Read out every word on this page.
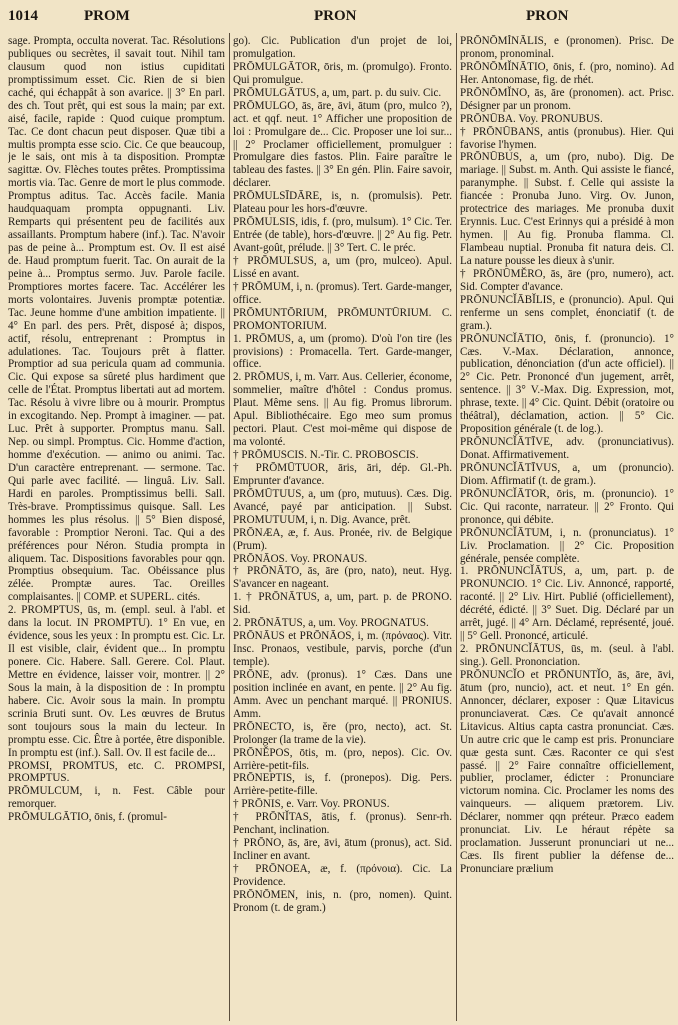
1014	PROM	PRON	PRON

sage. Prompta, occulta noverat. Tac. Résolutions publiques ou secrètes, il savait tout. Nihil tam clausum quod non istius cupiditati promptissimum esset. Cic. Rien de si bien caché, qui échappât à son avarice. || 3° En parl. des ch. Tout prêt, qui est sous la main; par ext. aisé, facile, rapide : Quod cuique promptum. Tac. Ce dont chacun peut disposer. Quæ tibi a multis prompta esse scio. Cic. Ce que beaucoup, je le sais, ont mis à ta disposition. Promptæ sagittæ. Ov. Flèches toutes prêtes. Promptissima mortis via. Tac. Genre de mort le plus commode. Promptus aditus. Tac. Accès facile. Mania haudquaquam prompta oppugnanti. Liv. Remparts qui présentent peu de facilités aux assaillants. Promptum habere (inf.). Tac. N'avoir pas de peine à... Promptum est. Ov. Il est aisé de. Haud promptum fuerit. Tac. On aurait de la peine à... Promptus sermo. Juv. Parole facile. Promptiores mortes facere. Tac. Accélérer les morts volontaires. Juvenis promptæ potentiæ. Tac. Jeune homme d'une ambition impatiente. || 4° En parl. des pers. Prêt, disposé à; dispos, actif, résolu, entreprenant : Promptus in adulationes. Tac. Toujours prêt à flatter. Promptior ad sua pericula quam ad communia. Cic. Qui expose sa sûreté plus hardiment que celle de l'État. Promptus libertati aut ad mortem. Tac. Résolu à vivre libre ou à mourir. Promptus in excogitando. Nep. Prompt à imaginer. — pat. Luc. Prêt à supporter. Promptus manu. Sall. Nep. ou simpl. Promptus. Cic. Homme d'action, homme d'exécution. — animo ou animi. Tac. D'un caractère entreprenant. — sermone. Tac. Qui parle avec facilité. — linguâ. Liv. Sall. Hardi en paroles. Promptissimus belli. Sall. Très-brave. Promptissimus quisque. Sall. Les hommes les plus résolus. || 5° Bien disposé, favorable : Promptior Neroni. Tac. Qui a des préférences pour Néron. Studia prompta in aliquem. Tac. Dispositions favorables pour qqn. Promptius obsequium. Tac. Obéissance plus zélée. Promptæ aures. Tac. Oreilles complaisantes. || COMP. et SUPERL. cités.

2. PROMPTUS, ūs, m. (empl. seul. à l'abl. et dans la locut. IN PROMPTU). 1° En vue, en évidence, sous les yeux : In promptu est. Cic. Lr. Il est visible, clair, évident que... In promptu ponere. Cic. Habere. Sall. Gerere. Col. Plaut. Mettre en évidence, laisser voir, montrer. || 2° Sous la main, à la disposition de : In promptu habere. Cic. Avoir sous la main. In promptu scrinia Bruti sunt. Ov. Les œuvres de Brutus sont toujours sous la main du lecteur. In promptu esse. Cic. Être à portée, être disponible. In promptu est (inf.). Sall. Ov. Il est facile de...

PROMSI, PROMTUS, etc. C. PROMPSI, PROMPTUS.

PRŌMULCUM, i, n. Fest. Câble pour remorquer.

PRŌMULGĀTIO, ōnis, f. (promul-

go). Cic. Publication d'un projet de loi, promulgation.

PRŌMULGĀTOR, ōris, m. (promulgo). Fronto. Qui promulgue.

PRŌMULGĀTUS, a, um, part. p. du suiv. Cic.

PRŌMULGO, ās, āre, āvi, ātum (pro, mulco ?), act. et qqf. neut. 1° Afficher une proposition de loi : Promulgare de... Cic. Proposer une loi sur... || 2° Proclamer officiellement, promulguer : Promulgare dies fastos. Plin. Faire paraître le tableau des fastes. || 3° En gén. Plin. Faire savoir, déclarer.

PRŌMULSĪDĀRE, is, n. (promulsis). Petr. Plateau pour les hors-d'œuvre.

PRŌMULSIS, idis, f. (pro, mulsum). 1° Cic. Ter. Entrée (de table), hors-d'œuvre. || 2° Au fig. Petr. Avant-goût, prélude. || 3° Tert. C. le préc.

† PRŌMULSUS, a, um (pro, mulceo). Apul. Lissé en avant.

† PRŌMUM, i, n. (promus). Tert. Garde-manger, office.

PRŌMUNTŌRIUM, PRŌMUNTŪRIUM. C. PROMONTORIUM.

1. PRŌMUS, a, um (promo). D'où l'on tire (les provisions) : Promacella. Tert. Garde-manger, office.

2. PRŌMUS, i, m. Varr. Aus. Cellerier, économe, sommelier, maître d'hôtel : Condus promus. Plaut. Même sens. || Au fig. Promus librorum. Apul. Bibliothécaire. Ego meo sum promus pectori. Plaut. C'est moi-même qui dispose de ma volonté.

† PRŌMUSCIS. N.-Tir. C. PROBOSCIS.

† PRŌMŪTUOR, āris, āri, dép. Gl.-Ph. Emprunter d'avance.

PRŌMŪTUUS, a, um (pro, mutuus). Cæs. Dig. Avancé, payé par anticipation. || Subst. PROMUTUUM, i, n. Dig. Avance, prêt.

PRŌNÆA, æ, f. Aus. Pronée, riv. de Belgique (Prum).

PRŌNĀOS. Voy. PRONAUS.

† PRŌNĀTO, ās, āre (pro, nato), neut. Hyg. S'avancer en nageant.

1. † PRŌNĀTUS, a, um, part. p. de PRONO. Sid.

2. PRŌNĀTUS, a, um. Voy. PROGNATUS.

PRŌNĀUS et PRŌNĀOS, i, m. (πρόναος). Vitr. Insc. Pronaos, vestibule, parvis, porche (d'un temple).

PRŌNE, adv. (pronus). 1° Cæs. Dans une position inclinée en avant, en pente. || 2° Au fig. Amm. Avec un penchant marqué. || PRONIUS. Amm.

PRŌNECTO, is, ĕre (pro, necto), act. St. Prolonger (la trame de la vie).

PRŌNĔPOS, ōtis, m. (pro, nepos). Cic. Ov. Arrière-petit-fils.

PRŌNEPTIS, is, f. (pronepos). Dig. Pers. Arrière-petite-fille.

† PRŌNIS, e. Varr. Voy. PRONUS.

† PRŌNĬTAS, ātis, f. (pronus). Senr-rh. Penchant, inclination.

† PRŌNO, ās, āre, āvi, ātum (pronus), act. Sid. Incliner en avant.

† PRŌNOEA, æ, f. (πρόνοια). Cic. La Providence.

PRŌNŌMEN, inis, n. (pro, nomen). Quint. Pronom (t. de gram.)

PRŌNŌMĬNĀLIS, e (pronomen). Prisc. De pronom, pronominal.

PRŌNŌMĬNĀTIO, ōnis, f. (pro, nomino). Ad Her. Antonomase, fig. de rhét.

PRŌNŌMĬNO, ās, āre (pronomen). act. Prisc. Désigner par un pronom.

PRŌNŪBA. Voy. PRONUBUS.

† PRŌNŪBANS, antis (pronubus). Hier. Qui favorise l'hymen.

PRŌNŪBUS, a, um (pro, nubo). Dig. De mariage. || Subst. m. Anth. Qui assiste le fiancé, paranymphe. || Subst. f. Celle qui assiste la fiancée : Pronuba Juno. Virg. Ov. Junon, protectrice des mariages. Me pronuba duxit Erynnis. Luc. C'est Erinnys qui a présidé à mon hymen. || Au fig. Pronuba flamma. Cl. Flambeau nuptial. Pronuba fit natura deis. Cl. La nature pousse les dieux à s'unir.

† PRŌNŪMĔRO, ās, āre (pro, numero), act. Sid. Compter d'avance.

PRŌNUNCĬĀBĬLIS, e (pronuncio). Apul. Qui renferme un sens complet, énonciatif (t. de gram.).

PRŌNUNCĬĀTIO, ōnis, f. (pronuncio). 1° Cæs. V.-Max. Déclaration, annonce, publication, dénonciation (d'un acte officiel). || 2° Cic. Petr. Prononcé d'un jugement, arrêt, sentence. || 3° V.-Max. Dig. Expression, mot, phrase, texte. || 4° Cic. Quint. Débit (oratoire ou théâtral), déclamation, action. || 5° Cic. Proposition générale (t. de log.).

PRŌNUNCĬĀTĪVE, adv. (pronunciativus). Donat. Affirmativement.

PRŌNUNCĬĀTĪVUS, a, um (pronuncio). Diom. Affirmatif (t. de gram.).

PRŌNUNCĬĀTOR, ōris, m. (pronuncio). 1° Cic. Qui raconte, narrateur. || 2° Fronto. Qui prononce, qui débite.

PRŌNUNCĬĀTUM, i, n. (pronunciatus). 1° Liv. Proclamation. || 2° Cic. Proposition générale, pensée complète.

1. PRŌNUNCĬĀTUS, a, um, part. p. de PRONUNCIO. 1° Cic. Liv. Annoncé, rapporté, raconté. || 2° Liv. Hirt. Publié (officiellement), décrété, édicté. || 3° Suet. Dig. Déclaré par un arrêt, jugé. || 4° Arn. Déclamé, représenté, joué. || 5° Gell. Prononcé, articulé.

2. PRŌNUNCĬĀTUS, ūs, m. (seul. à l'abl. sing.). Gell. Prononciation.

PRŌNUNCĬO et PRŌNUNTĬO, ās, āre, āvi, ātum (pro, nuncio), act. et neut. 1° En gén. Annoncer, déclarer, exposer : Quæ Litavicus pronunciaverat. Cæs. Ce qu'avait annoncé Litavicus. Altius capta castra pronunciat. Cæs. Un autre cric que le camp est pris. Pronunciare quæ gesta sunt. Cæs. Raconter ce qui s'est passé. || 2° Faire connaître officiellement, publier, proclamer, édicter : Pronunciare victorum nomina. Cic. Proclamer les noms des vainqueurs. — aliquem prætorem. Liv. Déclarer, nommer qqn préteur. Præco eadem pronunciat. Liv. Le héraut répète sa proclamation. Jusserunt pronunciari ut ne... Cæs. Ils firent publier la défense de... Pronunciare prælium
